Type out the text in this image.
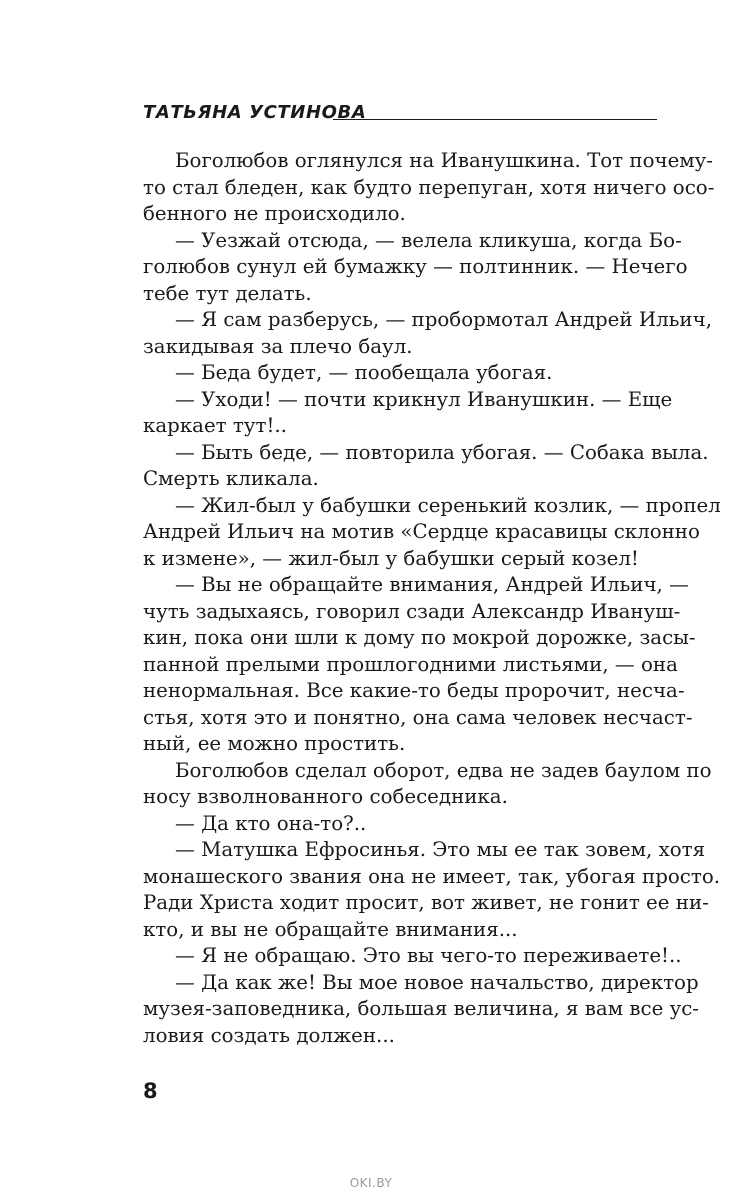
ТАТЬЯНА УСТИНОВА
Боголюбов оглянулся на Иванушкина. Тот почему-
то стал бледен, как будто перепуган, хотя ничего осо-
бенного не происходило.
— Уезжай отсюда, — велела кликуша, когда Бо-
голюбов сунул ей бумажку — полтинник. — Нечего
тебе тут делать.
— Я сам разберусь, — пробормотал Андрей Ильич,
закидывая за плечо баул.
— Беда будет, — пообещала убогая.
— Уходи! — почти крикнул Иванушкин. — Еще
каркает тут!..
— Быть беде, — повторила убогая. — Собака выла.
Смерть кликала.
— Жил-был у бабушки серенький козлик, — пропел
Андрей Ильич на мотив «Сердце красавицы склонно
к измене», — жил-был у бабушки серый козел!
— Вы не обращайте внимания, Андрей Ильич, —
чуть задыхаясь, говорил сзади Александр Ивануш-
кин, пока они шли к дому по мокрой дорожке, засы-
панной прелыми прошлогодними листьями, — она
ненормальная. Все какие-то беды пророчит, несча-
стья, хотя это и понятно, она сама человек несчаст-
ный, ее можно простить.
Боголюбов сделал оборот, едва не задев баулом по
носу взволнованного собеседника.
— Да кто она-то?..
— Матушка Ефросинья. Это мы ее так зовем, хотя
монашеского звания она не имеет, так, убогая просто.
Ради Христа ходит просит, вот живет, не гонит ее ни-
кто, и вы не обращайте внимания...
— Я не обращаю. Это вы чего-то переживаете!..
— Да как же! Вы мое новое начальство, директор
музея-заповедника, большая величина, я вам все ус-
ловия создать должен...
8
OKI.BY
